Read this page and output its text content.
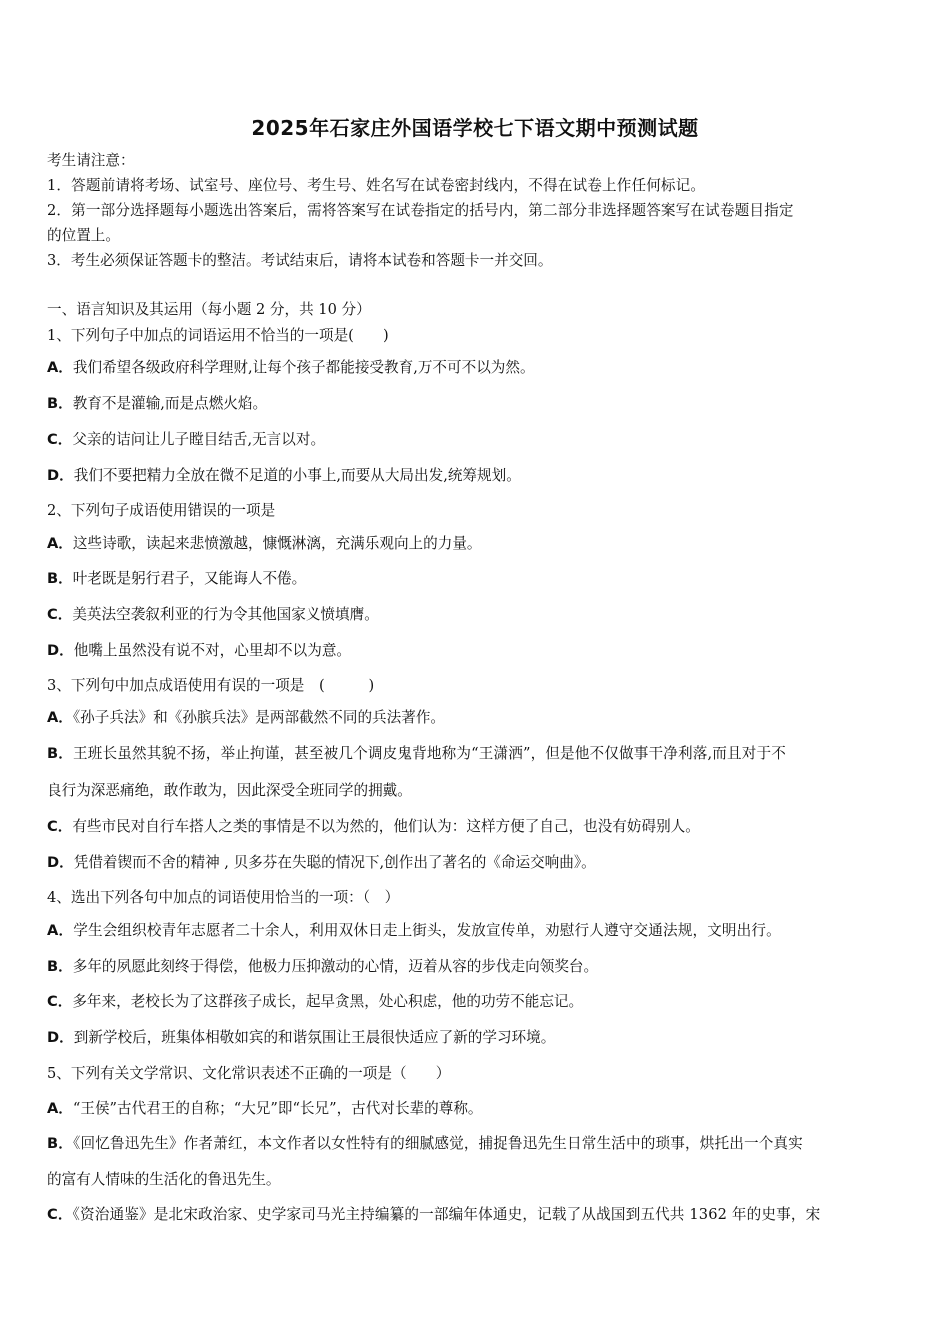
2025年石家庄外国语学校七下语文期中预测试题
考生请注意：
1．答题前请将考场、试室号、座位号、考生号、姓名写在试卷密封线内，不得在试卷上作任何标记。
2．第一部分选择题每小题选出答案后，需将答案写在试卷指定的括号内，第二部分非选择题答案写在试卷题目指定
的位置上。
3．考生必须保证答题卡的整洁。考试结束后，请将本试卷和答题卡一并交回。
一、语言知识及其运用（每小题 2 分，共 10 分）
1、下列句子中加点的词语运用不恰当的一项是(　　)
A．我们希望各级政府科学理财,让每个孩子都能接受教育,万不可不以为然。
B．教育不是灌输,而是点燃火焰。
C．父亲的诘问让儿子瞠目结舌,无言以对。
D．我们不要把精力全放在微不足道的小事上,而要从大局出发,统筹规划。
2、下列句子成语使用错误的一项是
A．这些诗歌，读起来悲愤激越，慷慨淋漓，充满乐观向上的力量。
B．叶老既是躬行君子，又能诲人不倦。
C．美英法空袭叙利亚的行为令其他国家义愤填膺。
D．他嘴上虽然没有说不对，心里却不以为意。
3、下列句中加点成语使用有误的一项是　(　　　)
A．《孙子兵法》和《孙膑兵法》是两部截然不同的兵法著作。
B．王班长虽然其貌不扬，举止拘谨，甚至被几个调皮鬼背地称为“王潇洒”，但是他不仅做事干净利落,而且对于不
良行为深恶痛绝，敢作敢为，因此深受全班同学的拥戴。
C．有些市民对自行车搭人之类的事情是不以为然的，他们认为：这样方便了自己，也没有妨碍别人。
D．凭借着锲而不舍的精神 , 贝多芬在失聪的情况下,创作出了著名的《命运交响曲》。
4、选出下列各句中加点的词语使用恰当的一项：（　）
A．学生会组织校青年志愿者二十余人，利用双休日走上街头，发放宣传单，劝慰行人遵守交通法规，文明出行。
B．多年的夙愿此刻终于得偿，他极力压抑激动的心情，迈着从容的步伐走向领奖台。
C．多年来，老校长为了这群孩子成长，起早贪黑，处心积虑，他的功劳不能忘记。
D．到新学校后，班集体相敬如宾的和谐氛围让王晨很快适应了新的学习环境。
5、下列有关文学常识、文化常识表述不正确的一项是（　　）
A．“王侯”古代君王的自称；“大兄”即“长兄”，古代对长辈的尊称。
B．《回忆鲁迅先生》作者萧红，本文作者以女性特有的细腻感觉，捕捉鲁迅先生日常生活中的琐事，烘托出一个真实
的富有人情味的生活化的鲁迅先生。
C．《资治通鉴》是北宋政治家、史学家司马光主持编纂的一部编年体通史，记载了从战国到五代共 1362 年的史事，宋
